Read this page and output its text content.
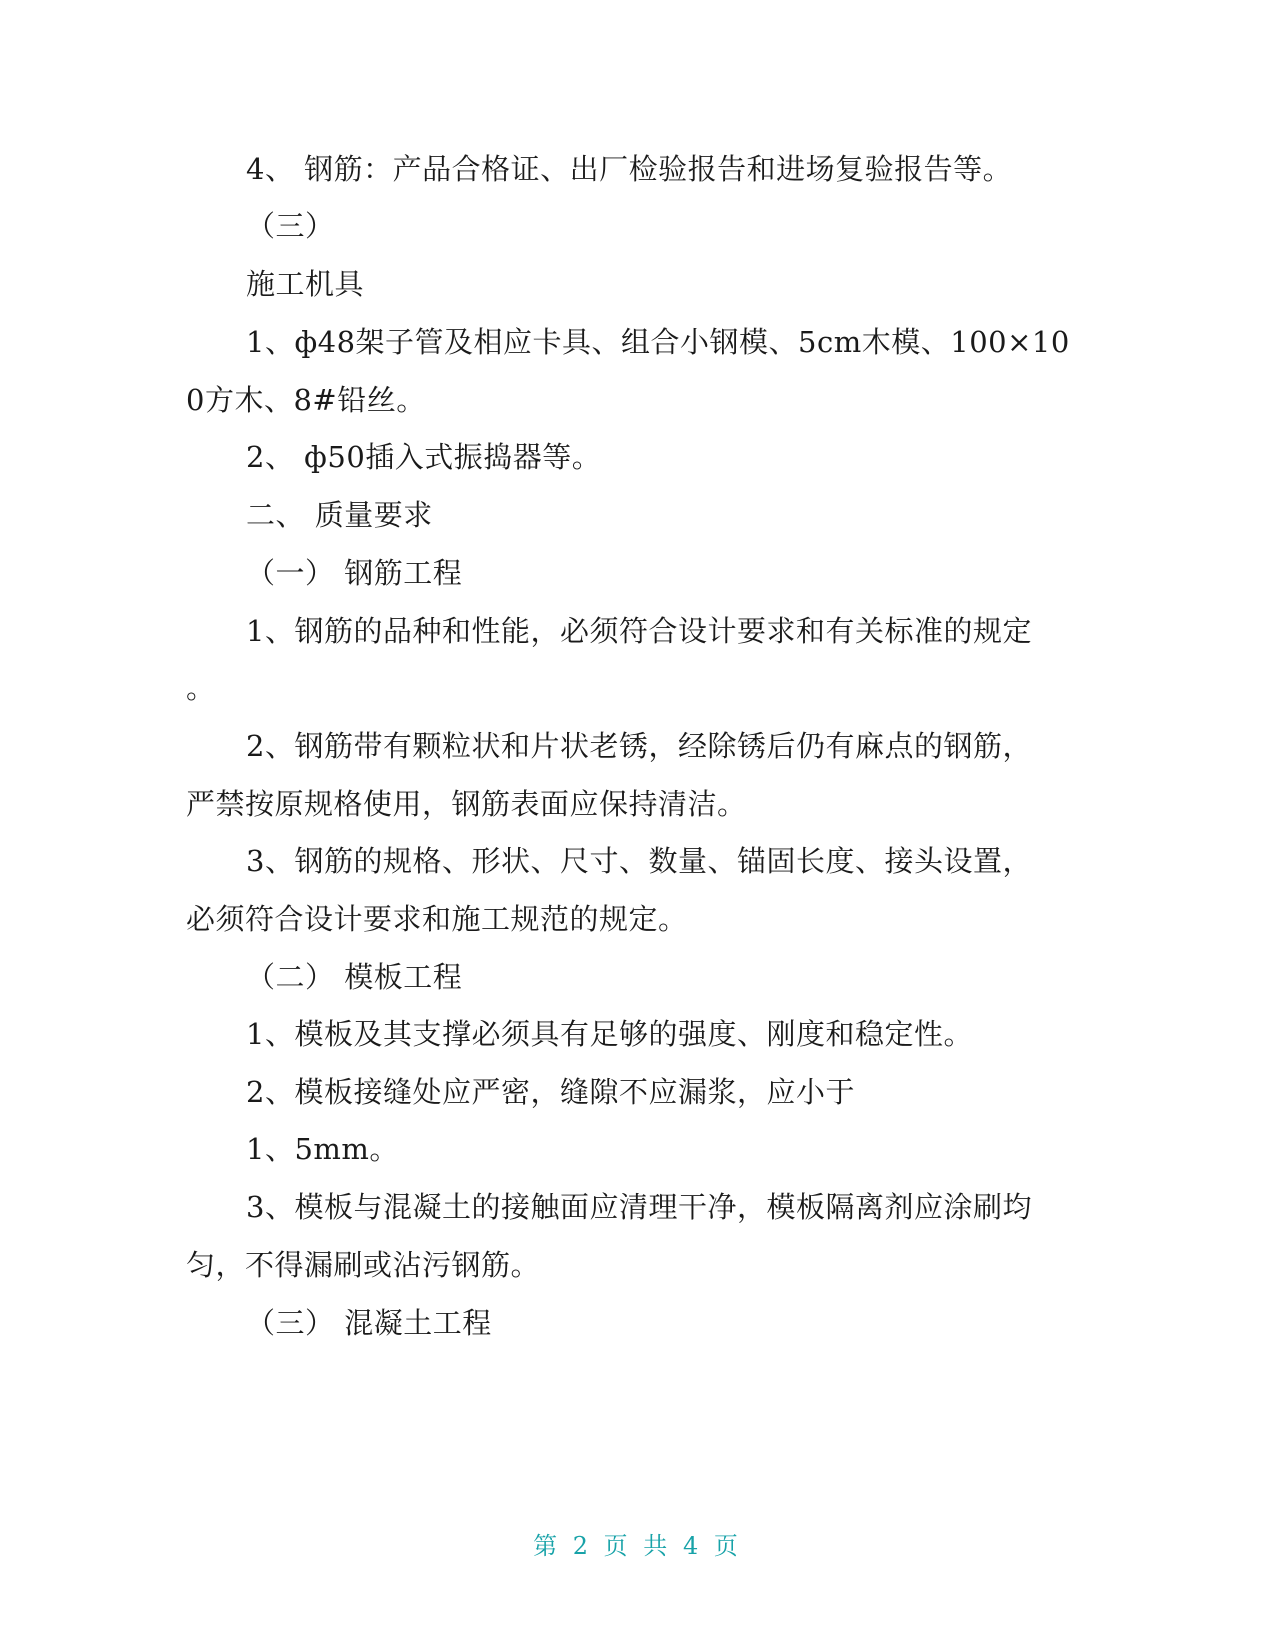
4、 钢筋：产品合格证、出厂检验报告和进场复验报告等。
（三）
施工机具
1、ф48架子管及相应卡具、组合小钢模、5cm木模、100×10
0方木、8#铅丝。
2、 ф50插入式振捣器等。
二、 质量要求
（一） 钢筋工程
1、钢筋的品种和性能，必须符合设计要求和有关标准的规定
。
2、钢筋带有颗粒状和片状老锈，经除锈后仍有麻点的钢筋，
严禁按原规格使用，钢筋表面应保持清洁。
3、钢筋的规格、形状、尺寸、数量、锚固长度、接头设置，
必须符合设计要求和施工规范的规定。
（二） 模板工程
1、模板及其支撑必须具有足够的强度、刚度和稳定性。
2、模板接缝处应严密，缝隙不应漏浆，应小于
1、5mm。
3、模板与混凝土的接触面应清理干净，模板隔离剂应涂刷均
匀，不得漏刷或沾污钢筋。
（三） 混凝土工程
第 2 页 共 4 页
